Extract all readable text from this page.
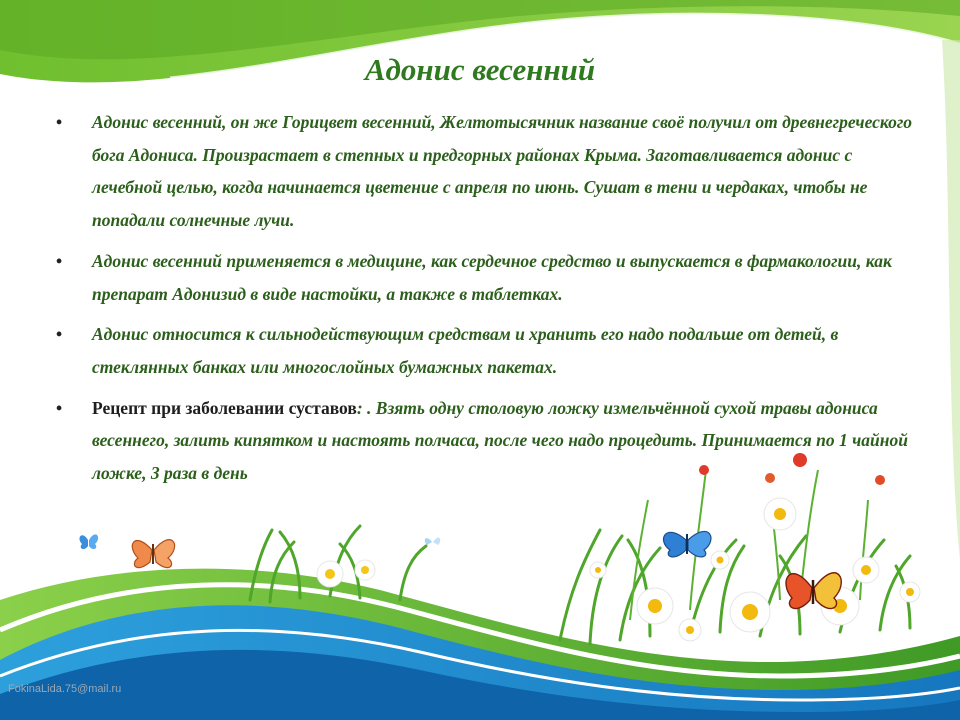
Адонис весенний
• Адонис весенний, он же Горицвет весенний, Желтотысячник название своё получил от древнегреческого бога Адониса. Произрастает в степных и предгорных районах Крыма. Заготавливается адонис с лечебной целью, когда начинается цветение с апреля по июнь. Сушат в тени и чердаках, чтобы не попадали солнечные лучи.
• Адонис весенний применяется в медицине, как сердечное средство и выпускается в фармакологии, как препарат Адонизид в виде настойки, а также в таблетках.
• Адонис относится к сильнодействующим средствам и хранить его надо подальше от детей, в стеклянных банках или многослойных бумажных пакетах.
• Рецепт при заболевании суставов: . Взять одну столовую ложку измельчённой сухой травы адониса весеннего, залить кипятком и настоять полчаса, после чего надо процедить. Принимается по 1 чайной ложке, 3 раза в день
FokinaLida.75@mail.ru
